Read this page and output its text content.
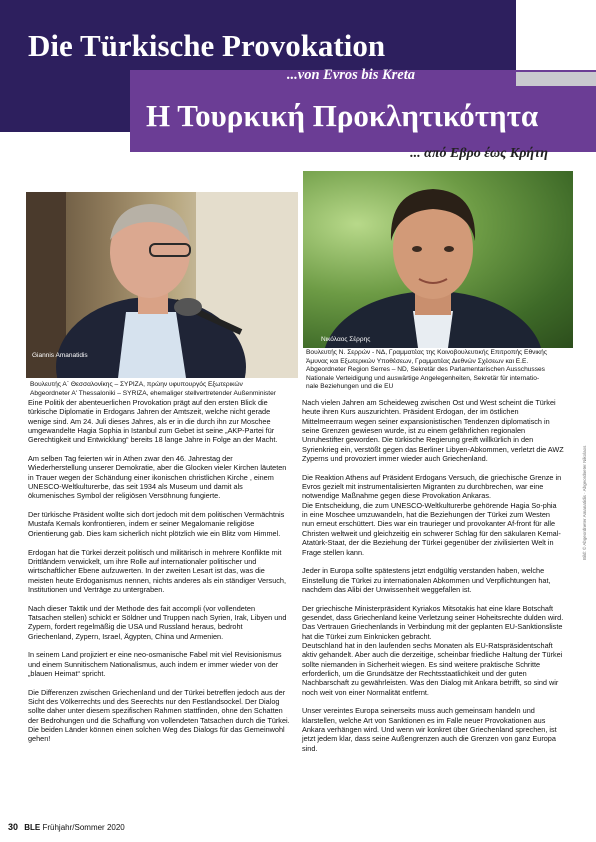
Die Türkische Provokation
...von Evros bis Kreta
Η Τουρκική Προκλητικότητα
... από Εβρο έως Κρήτη
Giannis Amanatidis
Νικόλαος Σέρρης
Βουλευτής Α΄ Θεσσαλονίκης – ΣΥΡΙΖΑ, πρώην υφυπουργός Εξωτερικών
Abgeordneter A' Thessaloniki – SYRIZA, ehemaliger stellvertretender Außenminister
Βουλευτής Ν. Σερρών - ΝΔ, Γραμματέας της Κοινοβουλευτικής Επιτροπής Εθνικής
Άμυνας και Εξωτερικών Υποθέσεων, Γραμματέας Διεθνών Σχέσεων και Ε.Ε.
Abgeordneter Region Serres – ND, Sekretär des Parlamentarischen Ausschusses
Nationale Verteidigung und auswärtige Angelegenheiten, Sekretär für internatio-
nale Beziehungen und die EU

Eine Politik der abenteuerlichen Provokation prägt auf den ersten Blick die türkische Diplomatie in Erdogans Jahren der Amtszeit, welche nicht gerade wenige sind. Am 24. Juli dieses Jahres, als er in die durch ihn zur Moschee umgewandelte Hagia Sophia in Istanbul zum Gebet ist seine „AKP-Partei für Gerechtigkeit und Entwicklung“ bereits 18 lange Jahre in Folge an der Macht.

Am selben Tag feierten wir in Athen zwar den 46. Jahrestag der Wiederherstellung unserer Demokratie, aber die Glocken vieler Kirchen läuteten in Trauer wegen der Schändung einer ikonischen christlichen Kirche , einem UNESCO-Weltkulturerbe, das seit 1934 als Museum und damit als ökumenisches Symbol der religiösen Versöhnung fungierte.

Der türkische Präsident wollte sich dort jedoch mit dem politischen Vermächtnis Mustafa Kemals konfrontieren, indem er seiner Megalomanie religiöse Orientierung gab. Dies kam sicherlich nicht plötzlich wie ein Blitz vom Himmel.

Erdogan hat die Türkei derzeit politisch und militärisch in mehrere Konflikte mit Drittländern verwickelt, um ihre Rolle auf internationaler politischer und wirtschaftlicher Ebene aufzuwerten. In der zweiten Lesart ist das, was die meisten heute Erdoganismus nennen, nichts anderes als ein ständiger Versuch, Institutionen und Verträge zu untergraben.

Nach dieser Taktik und der Methode des fait accompli (vor vollendeten Tatsachen stellen) schickt er Söldner und Truppen nach Syrien, Irak, Libyen und Zypern, fordert regelmäßig die USA und Russland heraus, bedroht Griechenland, Zypern, Israel, Ägypten, China und Armenien.

In seinem Land projiziert er eine neo-osmanische Fabel mit viel Revisionismus und einem Sunnitischem Nationalismus, auch indem er immer wieder von der „blauen Heimat“ spricht.

Die Differenzen zwischen Griechenland und der Türkei betreffen jedoch aus der Sicht des Völkerrechts und des Seerechts nur den Festlandsockel. Der Dialog sollte daher unter diesem spezifischen Rahmen stattfinden, ohne den Schatten der Bedrohungen und die Schaffung von vollendeten Tatsachen durch die Türkei. Die beiden Länder können einen solchen Weg des Dialogs für das Gemeinwohl gehen!

Nach vielen Jahren am Scheideweg zwischen Ost und West scheint die Türkei heute ihren Kurs auszurichten. Präsident Erdogan, der im östlichen Mittelmeerraum wegen seiner expansionistischen Tendenzen diplomatisch in seine Grenzen gewiesen wurde, ist zu einem gefährlichen regionalen Unruhestifter geworden. Die türkische Regierung greift willkürlich in den Syrienkrieg ein, verstößt gegen das Berliner Libyen-Abkommen, verletzt die AWZ Zyperns und provoziert immer wieder auch Griechenland.

Die Reaktion Athens auf Präsident Erdogans Versuch, die griechische Grenze in Evros gezielt mit instrumentalisierten Migranten zu durchbrechen, war eine notwendige Maßnahme gegen diese Provokation Ankaras.
Die Entscheidung, die zum UNESCO-Weltkulturerbe gehörende Hagia So-phia in eine Moschee umzuwandeln, hat die Beziehungen der Türkei zum Westen nun erneut erschüttert. Dies war ein traurieger und provokanter Af-front für alle Christen weltweit und gleichzeitig ein schwerer Schlag für den säkularen Kemal-Atatürk-Staat, der die Beziehung der Türkei gegenüber der zivilisierten Welt in Frage stellen kann.

Jeder in Europa sollte spätestens jetzt endgültig verstanden haben, welche Einstellung die Türkei zu internationalen Abkommen und Verpflichtungen hat, nachdem das Alibi der Unwissenheit weggefallen ist.

Der griechische Ministerpräsident Kyriakos Mitsotakis hat eine klare Botschaft gesendet, dass Griechenland keine Verletzung seiner Hoheitsrechte dulden wird. Das Vertrauen Griechenlands in Verbindung mit der geplanten EU-Sanktionsliste hat die Türkei zum Einknicken gebracht.
Deutschland hat in den laufenden sechs Monaten als EU-Ratspräsidentschaft aktiv gehandelt. Aber auch die derzeitige, scheinbar friedliche Haltung der Türkei sollte niemanden in Sicherheit wiegen. Es sind weitere praktische Schritte erforderlich, um die Grundsätze der Rechtsstaatlichkeit und der guten Nachbarschaft zu gewährleisten. Was den Dialog mit Ankara betrifft, so sind wir noch weit von einer Normalität entfernt.

Unser vereintes Europa seinerseits muss auch gemeinsam handeln und klarstellen, welche Art von Sanktionen es im Falle neuer Provokationen aus Ankara verhängen wird. Und wenn wir konkret über Griechenland sprechen, ist jetzt jedem klar, dass seine Außengrenzen auch die Grenzen von ganz Europa sind.

Bild: © Abgeordneter Amanatidis · Abgeordneter Nikolaos
30 BLE Frühjahr/Sommer 2020
